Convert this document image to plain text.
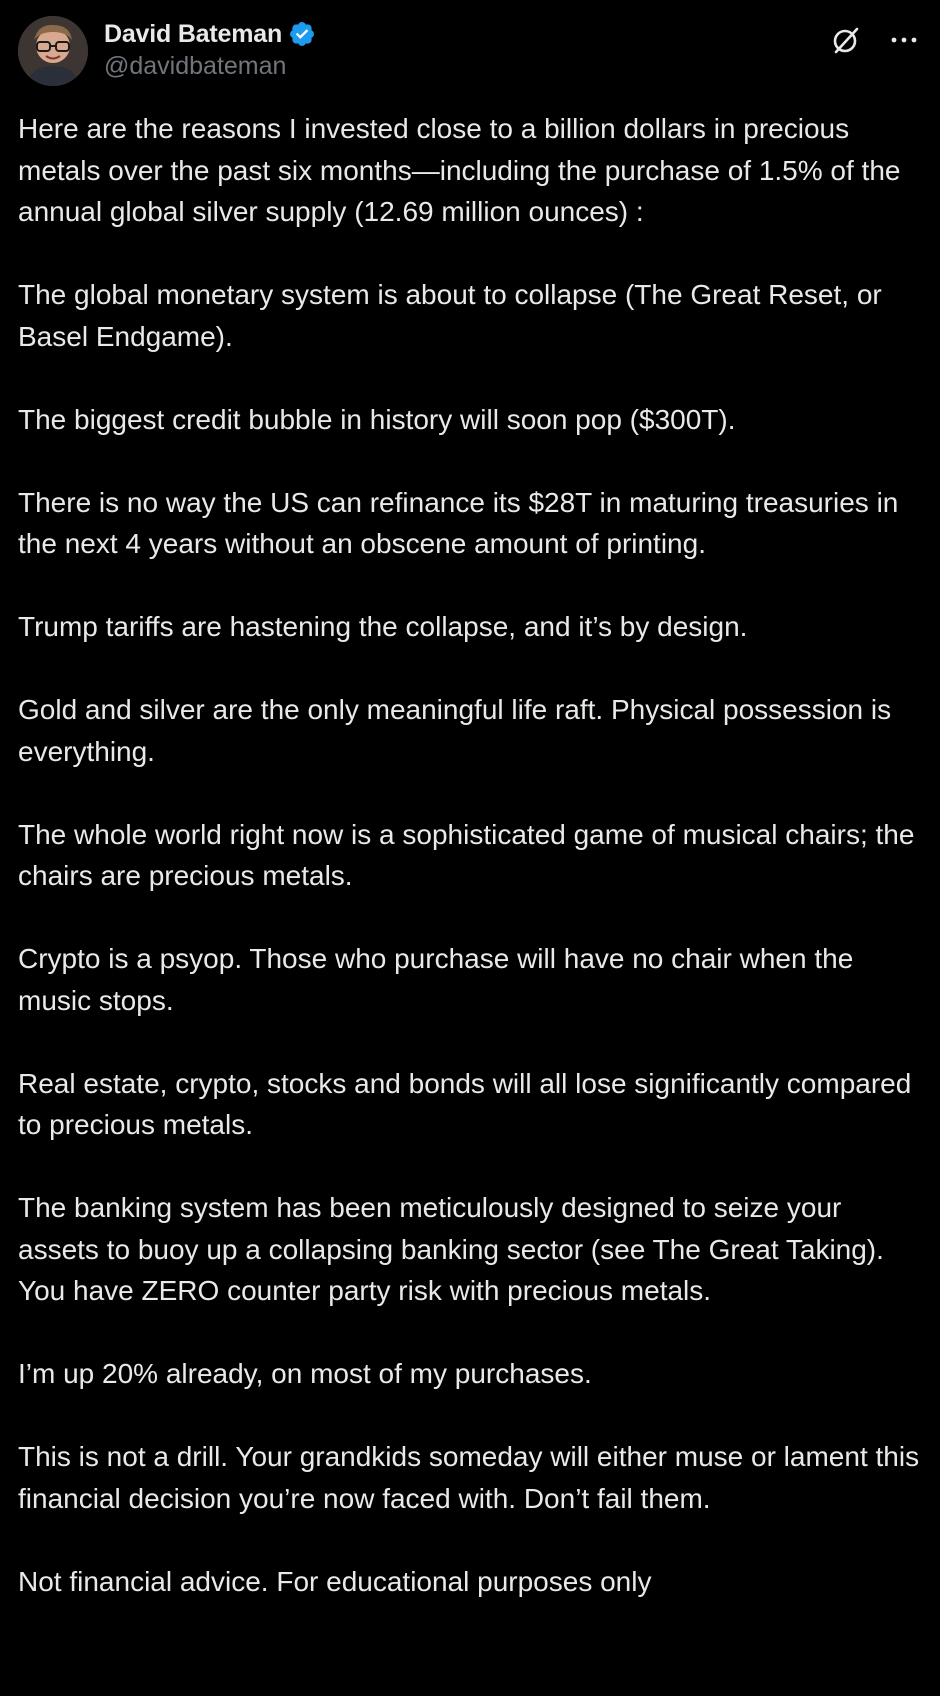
David Bateman
@davidbateman

Here are the reasons I invested close to a billion dollars in precious metals over the past six months—including the purchase of 1.5% of the annual global silver supply (12.69 million ounces) :

The global monetary system is about to collapse (The Great Reset, or Basel Endgame).

The biggest credit bubble in history will soon pop ($300T).

There is no way the US can refinance its $28T in maturing treasuries in the next 4 years without an obscene amount of printing.

Trump tariffs are hastening the collapse, and it’s by design.

Gold and silver are the only meaningful life raft. Physical possession is everything.

The whole world right now is a sophisticated game of musical chairs; the chairs are precious metals.

Crypto is a psyop. Those who purchase will have no chair when the music stops.

Real estate, crypto, stocks and bonds will all lose significantly compared to precious metals.

The banking system has been meticulously designed to seize your assets to buoy up a collapsing banking sector (see The Great Taking). You have ZERO counter party risk with precious metals.

I’m up 20% already, on most of my purchases.

This is not a drill. Your grandkids someday will either muse or lament this financial decision you’re now faced with. Don’t fail them.

Not financial advice. For educational purposes only
